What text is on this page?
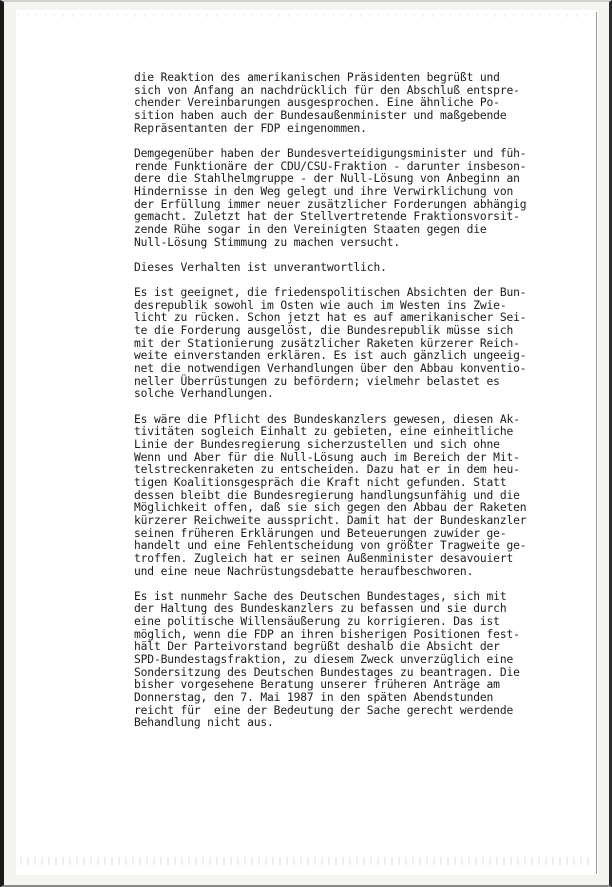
die Reaktion des amerikanischen Präsidenten begrüßt und
sich von Anfang an nachdrücklich für den Abschluß entspre-
chender Vereinbarungen ausgesprochen. Eine ähnliche Po-
sition haben auch der Bundesaußenminister und maßgebende
Repräsentanten der FDP eingenommen.
Demgegenüber haben der Bundesverteidigungsminister und füh-
rende Funktionäre der CDU/CSU-Fraktion - darunter insbeson-
dere die Stahlhelmgruppe - der Null-Lösung von Anbeginn an
Hindernisse in den Weg gelegt und ihre Verwirklichung von
der Erfüllung immer neuer zusätzlicher Forderungen abhängig
gemacht. Zuletzt hat der Stellvertretende Fraktionsvorsit-
zende Rühe sogar in den Vereinigten Staaten gegen die
Null-Lösung Stimmung zu machen versucht.
Dieses Verhalten ist unverantwortlich.
Es ist geeignet, die friedenspolitischen Absichten der Bun-
desrepublik sowohl im Osten wie auch im Westen ins Zwie-
licht zu rücken. Schon jetzt hat es auf amerikanischer Sei-
te die Forderung ausgelöst, die Bundesrepublik müsse sich
mit der Stationierung zusätzlicher Raketen kürzerer Reich-
weite einverstanden erklären. Es ist auch gänzlich ungeeig-
net die notwendigen Verhandlungen über den Abbau konventio-
neller Überrüstungen zu befördern; vielmehr belastet es
solche Verhandlungen.
Es wäre die Pflicht des Bundeskanzlers gewesen, diesen Ak-
tivitäten sogleich Einhalt zu gebieten, eine einheitliche
Linie der Bundesregierung sicherzustellen und sich ohne
Wenn und Aber für die Null-Lösung auch im Bereich der Mit-
telstreckenraketen zu entscheiden. Dazu hat er in dem heu-
tigen Koalitionsgespräch die Kraft nicht gefunden. Statt
dessen bleibt die Bundesregierung handlungsunfähig und die
Möglichkeit offen, daß sie sich gegen den Abbau der Raketen
kürzerer Reichweite ausspricht. Damit hat der Bundeskanzler
seinen früheren Erklärungen und Beteuerungen zuwider ge-
handelt und eine Fehlentscheidung von größter Tragweite ge-
troffen. Zugleich hat er seinen Außenminister desavouiert
und eine neue Nachrüstungsdebatte heraufbeschworen.
Es ist nunmehr Sache des Deutschen Bundestages, sich mit
der Haltung des Bundeskanzlers zu befassen und sie durch
eine politische Willensäußerung zu korrigieren. Das ist
möglich, wenn die FDP an ihren bisherigen Positionen fest-
hält Der Parteivorstand begrüßt deshalb die Absicht der
SPD-Bundestagsfraktion, zu diesem Zweck unverzüglich eine
Sondersitzung des Deutschen Bundestages zu beantragen. Die
bisher vorgesehene Beratung unserer früheren Anträge am
Donnerstag, den 7. Mai 1987 in den späten Abendstunden
reicht für  eine der Bedeutung der Sache gerecht werdende
Behandlung nicht aus.
